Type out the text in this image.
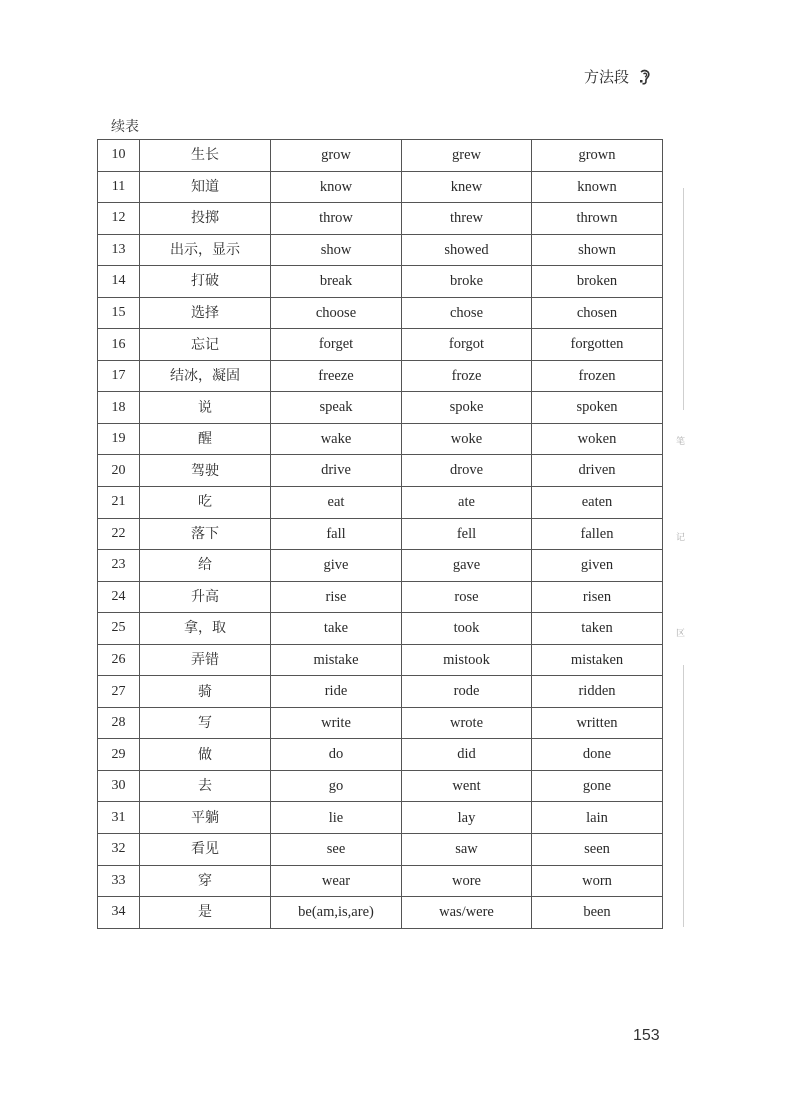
方法段
续表
10	生长	grow	grew	grown
11	知道	know	knew	known
12	投掷	throw	threw	thrown
13	出示，显示	show	showed	shown
14	打破	break	broke	broken
15	选择	choose	chose	chosen
16	忘记	forget	forgot	forgotten
17	结冰，凝固	freeze	froze	frozen
18	说	speak	spoke	spoken
19	醒	wake	woke	woken
20	驾驶	drive	drove	driven
21	吃	eat	ate	eaten
22	落下	fall	fell	fallen
23	给	give	gave	given
24	升高	rise	rose	risen
25	拿，取	take	took	taken
26	弄错	mistake	mistook	mistaken
27	骑	ride	rode	ridden
28	写	write	wrote	written
29	做	do	did	done
30	去	go	went	gone
31	平躺	lie	lay	lain
32	看见	see	saw	seen
33	穿	wear	wore	worn
34	是	be(am,is,are)	was/were	been
笔
记
区
153
